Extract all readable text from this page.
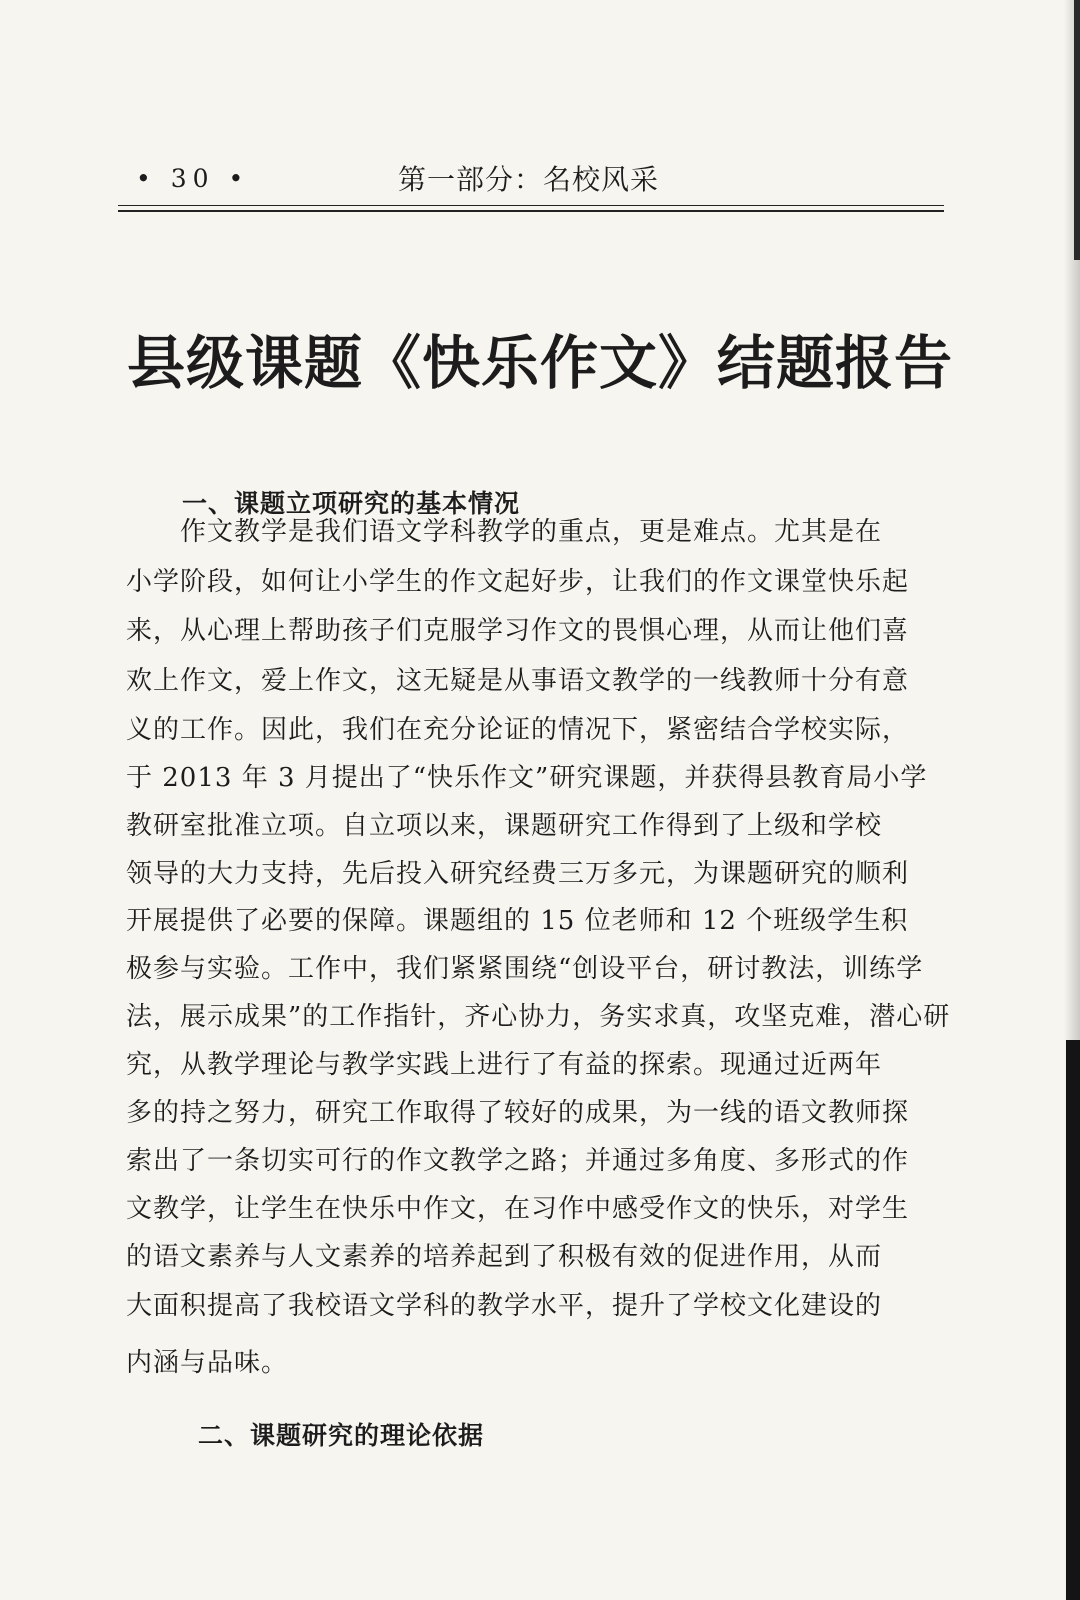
• 30 •	第一部分：名校风采
县级课题《快乐作文》结题报告
一、课题立项研究的基本情况
　　作文教学是我们语文学科教学的重点，更是难点。尤其是在
小学阶段，如何让小学生的作文起好步，让我们的作文课堂快乐起
来，从心理上帮助孩子们克服学习作文的畏惧心理，从而让他们喜
欢上作文，爱上作文，这无疑是从事语文教学的一线教师十分有意
义的工作。因此，我们在充分论证的情况下，紧密结合学校实际，
于 2013 年 3 月提出了“快乐作文”研究课题，并获得县教育局小学
教研室批准立项。自立项以来，课题研究工作得到了上级和学校
领导的大力支持，先后投入研究经费三万多元，为课题研究的顺利
开展提供了必要的保障。课题组的 15 位老师和 12 个班级学生积
极参与实验。工作中，我们紧紧围绕“创设平台，研讨教法，训练学
法，展示成果”的工作指针，齐心协力，务实求真，攻坚克难，潜心研
究，从教学理论与教学实践上进行了有益的探索。现通过近两年
多的持之努力，研究工作取得了较好的成果，为一线的语文教师探
索出了一条切实可行的作文教学之路；并通过多角度、多形式的作
文教学，让学生在快乐中作文，在习作中感受作文的快乐，对学生
的语文素养与人文素养的培养起到了积极有效的促进作用，从而
大面积提高了我校语文学科的教学水平，提升了学校文化建设的
内涵与品味。
二、课题研究的理论依据
